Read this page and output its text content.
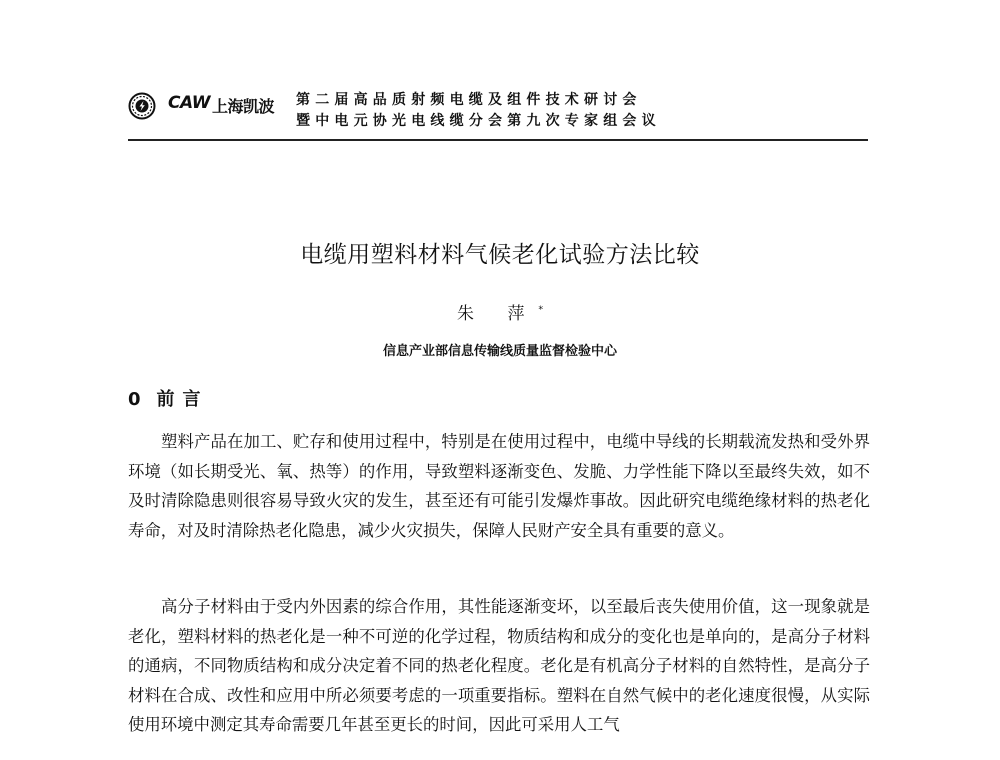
CAW 上海凯波 第二届高品质射频电缆及组件技术研讨会
暨中电元协光电线缆分会第九次专家组会议
电缆用塑料材料气候老化试验方法比较
朱 萍*
信息产业部信息传输线质量监督检验中心
0 前言

塑料产品在加工、贮存和使用过程中，特别是在使用过程中，电缆中导线的长期载流发热和受外界环境（如长期受光、氧、热等）的作用，导致塑料逐渐变色、发脆、力学性能下降以至最终失效，如不及时清除隐患则很容易导致火灾的发生，甚至还有可能引发爆炸事故。因此研究电缆绝缘材料的热老化寿命，对及时清除热老化隐患，减少火灾损失，保障人民财产安全具有重要的意义。

高分子材料由于受内外因素的综合作用，其性能逐渐变坏，以至最后丧失使用价值，这一现象就是老化，塑料材料的热老化是一种不可逆的化学过程，物质结构和成分的变化也是单向的，是高分子材料的通病，不同物质结构和成分决定着不同的热老化程度。老化是有机高分子材料的自然特性，是高分子材料在合成、改性和应用中所必须要考虑的一项重要指标。塑料在自然气候中的老化速度很慢，从实际使用环境中测定其寿命需要几年甚至更长的时间，因此可采用人工气
